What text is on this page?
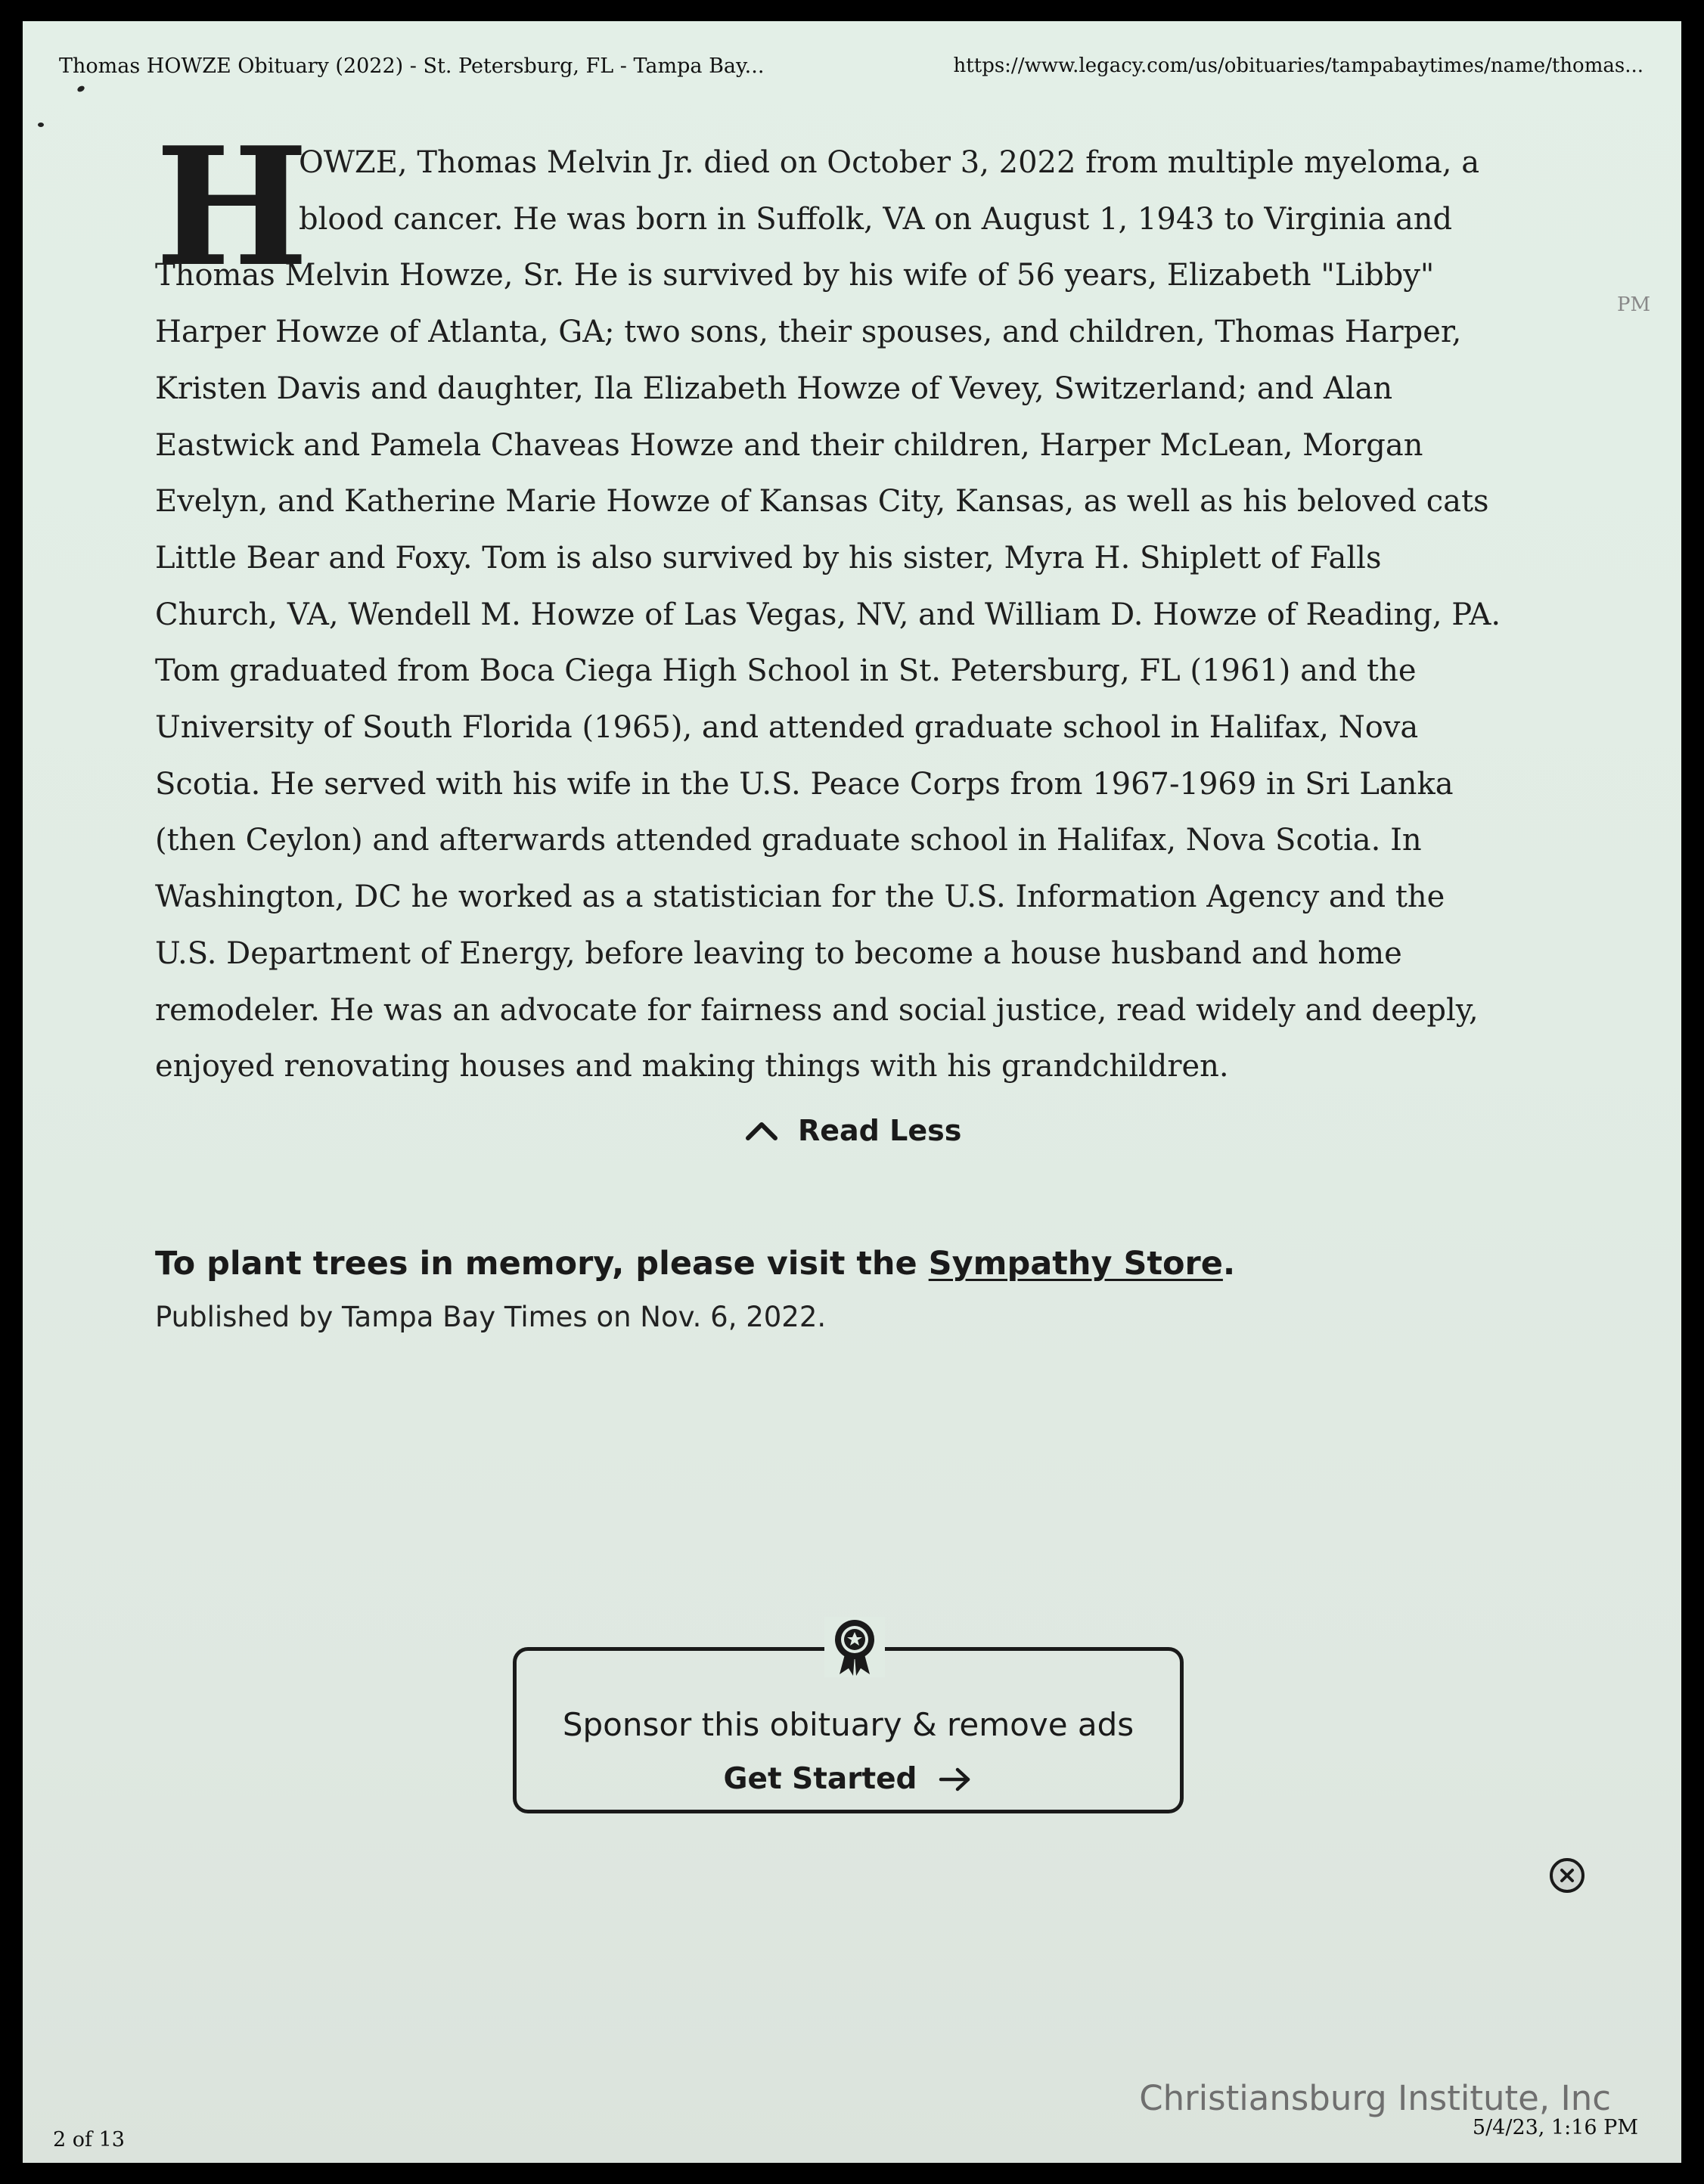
Thomas HOWZE Obituary (2022) - St. Petersburg, FL - Tampa Bay...	https://www.legacy.com/us/obituaries/tampabaytimes/name/thomas...
PM
H
OWZE, Thomas Melvin Jr. died on October 3, 2022 from multiple myeloma, a
blood cancer. He was born in Suffolk, VA on August 1, 1943 to Virginia and
Thomas Melvin Howze, Sr. He is survived by his wife of 56 years, Elizabeth "Libby"
Harper Howze of Atlanta, GA; two sons, their spouses, and children, Thomas Harper,
Kristen Davis and daughter, Ila Elizabeth Howze of Vevey, Switzerland; and Alan
Eastwick and Pamela Chaveas Howze and their children, Harper McLean, Morgan
Evelyn, and Katherine Marie Howze of Kansas City, Kansas, as well as his beloved cats
Little Bear and Foxy. Tom is also survived by his sister, Myra H. Shiplett of Falls
Church, VA, Wendell M. Howze of Las Vegas, NV, and William D. Howze of Reading, PA.
Tom graduated from Boca Ciega High School in St. Petersburg, FL (1961) and the
University of South Florida (1965), and attended graduate school in Halifax, Nova
Scotia. He served with his wife in the U.S. Peace Corps from 1967-1969 in Sri Lanka
(then Ceylon) and afterwards attended graduate school in Halifax, Nova Scotia. In
Washington, DC he worked as a statistician for the U.S. Information Agency and the
U.S. Department of Energy, before leaving to become a house husband and home
remodeler. He was an advocate for fairness and social justice, read widely and deeply,
enjoyed renovating houses and making things with his grandchildren.
Read Less
To plant trees in memory, please visit the Sympathy Store.
Published by Tampa Bay Times on Nov. 6, 2022.
Sponsor this obituary & remove ads
Get Started
Christiansburg Institute, Inc
2 of 13
5/4/23, 1:16 PM
